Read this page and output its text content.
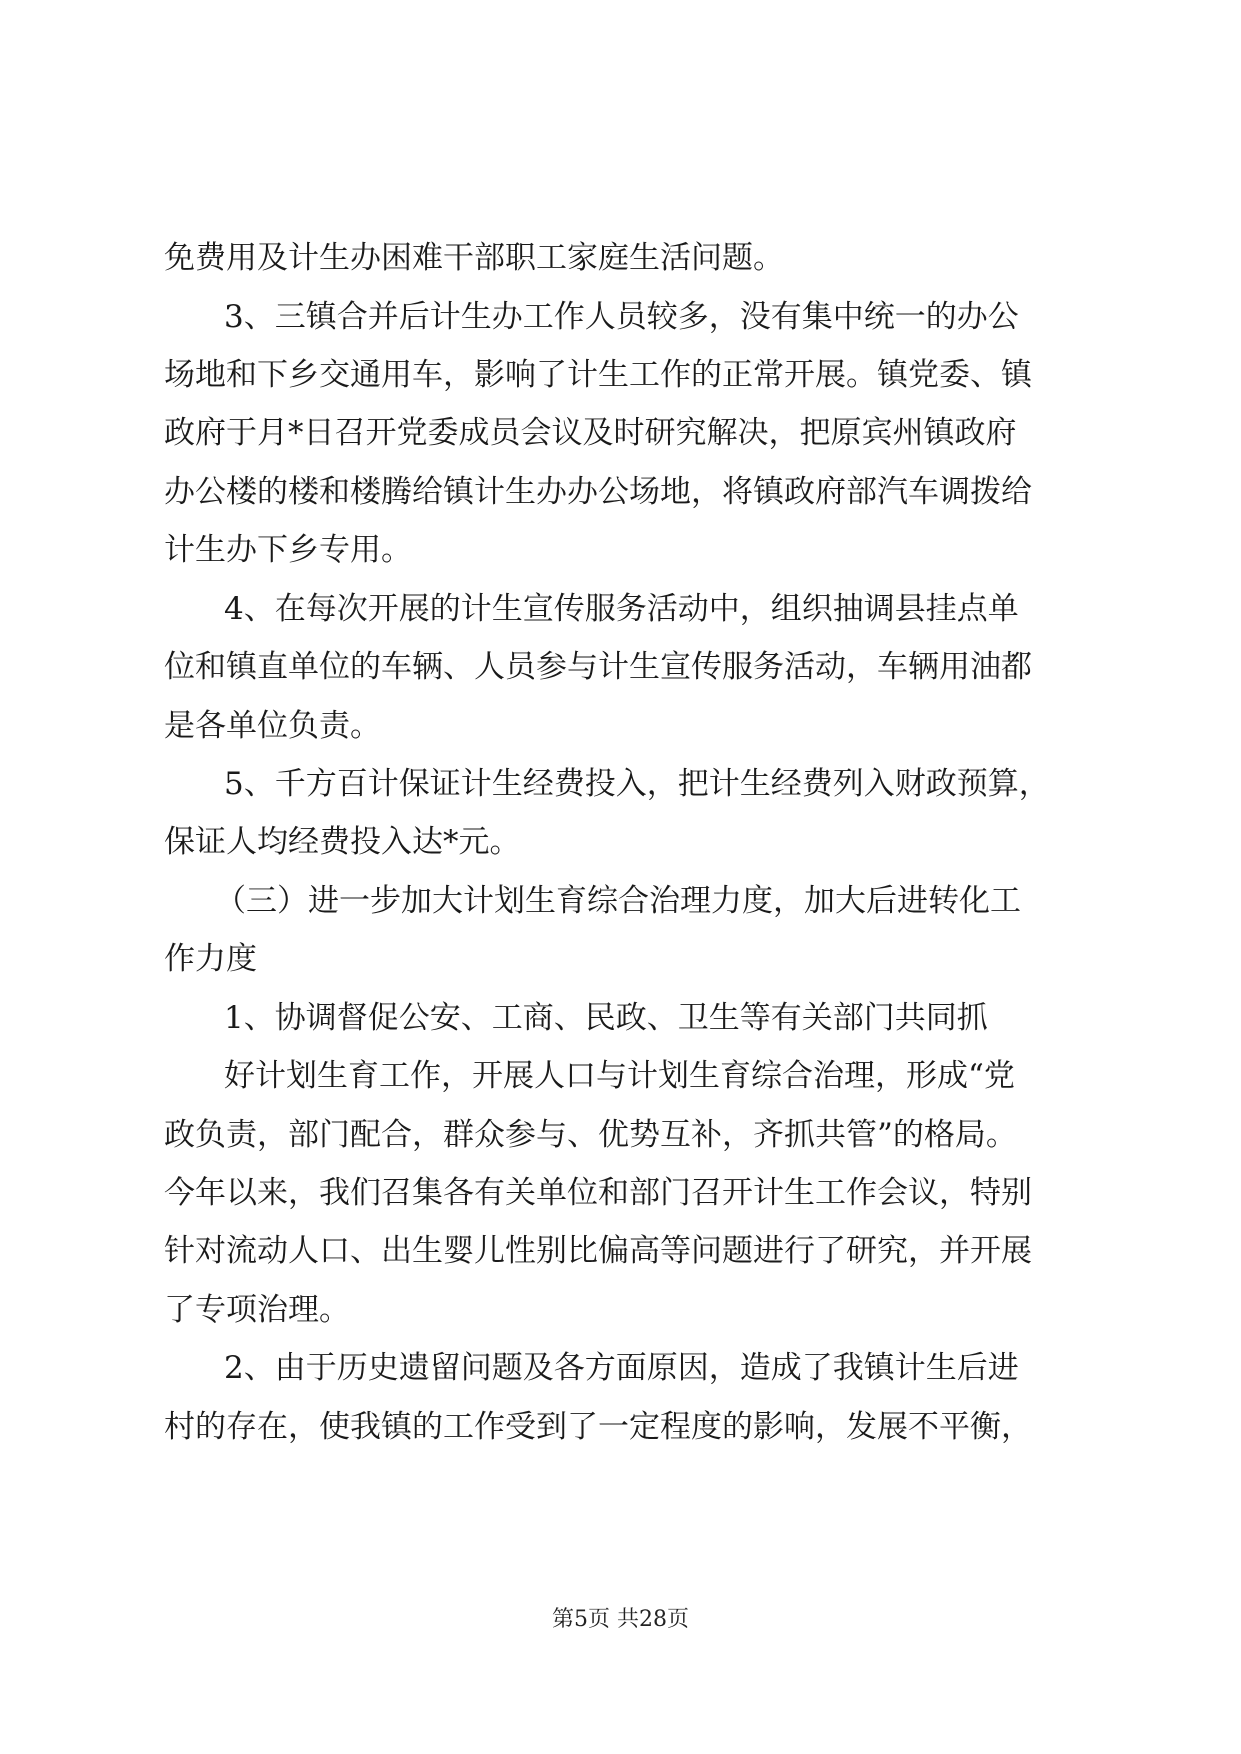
免费用及计生办困难干部职工家庭生活问题。
3、三镇合并后计生办工作人员较多，没有集中统一的办公
场地和下乡交通用车，影响了计生工作的正常开展。镇党委、镇
政府于月*日召开党委成员会议及时研究解决，把原宾州镇政府
办公楼的楼和楼腾给镇计生办办公场地，将镇政府部汽车调拨给
计生办下乡专用。
4、在每次开展的计生宣传服务活动中，组织抽调县挂点单
位和镇直单位的车辆、人员参与计生宣传服务活动，车辆用油都
是各单位负责。
5、千方百计保证计生经费投入，把计生经费列入财政预算，
保证人均经费投入达*元。
（三）进一步加大计划生育综合治理力度，加大后进转化工
作力度
1、协调督促公安、工商、民政、卫生等有关部门共同抓
好计划生育工作，开展人口与计划生育综合治理，形成“党
政负责，部门配合，群众参与、优势互补，齐抓共管”的格局。
今年以来，我们召集各有关单位和部门召开计生工作会议，特别
针对流动人口、出生婴儿性别比偏高等问题进行了研究，并开展
了专项治理。
2、由于历史遗留问题及各方面原因，造成了我镇计生后进
村的存在，使我镇的工作受到了一定程度的影响，发展不平衡，
第5页 共28页
